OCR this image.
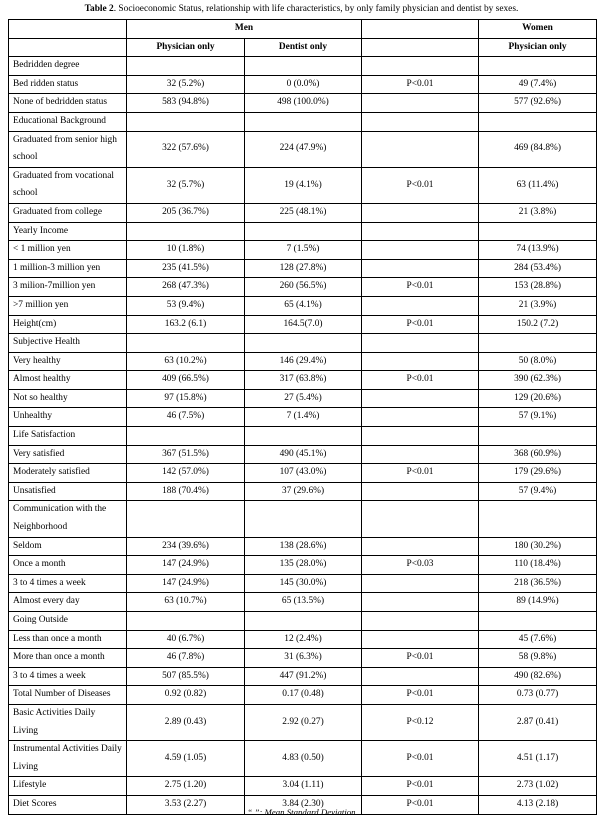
Table 2. Socioeconomic Status, relationship with life characteristics, by only family physician and dentist by sexes.
	Men			Women
	Physician only	Dentist only		Physician only
Bedridden degree				
Bed ridden status	32 (5.2%)	0 (0.0%)	P<0.01	49 (7.4%)
None of bedridden status	583 (94.8%)	498 (100.0%)		577 (92.6%)
Educational Background				
Graduated from senior high school	322 (57.6%)	224 (47.9%)		469 (84.8%)
Graduated from vocational school	32 (5.7%)	19 (4.1%)	P<0.01	63 (11.4%)
Graduated from college	205 (36.7%)	225 (48.1%)		21 (3.8%)
Yearly Income				
< 1 million yen	10 (1.8%)	7 (1.5%)		74 (13.9%)
1 million-3 million yen	235 (41.5%)	128 (27.8%)		284 (53.4%)
3 milion-7million yen	268 (47.3%)	260 (56.5%)	P<0.01	153 (28.8%)
>7 million yen	53 (9.4%)	65 (4.1%)		21 (3.9%)
Height(cm)	163.2 (6.1)	164.5(7.0)	P<0.01	150.2 (7.2)
Subjective Health				
Very healthy	63 (10.2%)	146 (29.4%)		50 (8.0%)
Almost healthy	409 (66.5%)	317 (63.8%)	P<0.01	390 (62.3%)
Not so healthy	97 (15.8%)	27 (5.4%)		129 (20.6%)
Unhealthy	46 (7.5%)	7 (1.4%)		57 (9.1%)
Life Satisfaction				
Very satisfied	367 (51.5%)	490 (45.1%)		368 (60.9%)
Moderately satisfied	142 (57.0%)	107 (43.0%)	P<0.01	179 (29.6%)
Unsatisfied	188 (70.4%)	37 (29.6%)		57 (9.4%)
Communication with the Neighborhood				
Seldom	234 (39.6%)	138 (28.6%)		180 (30.2%)
Once a month	147 (24.9%)	135 (28.0%)	P<0.03	110 (18.4%)
3 to 4 times a week	147 (24.9%)	145 (30.0%)		218 (36.5%)
Almost every day	63 (10.7%)	65 (13.5%)		89 (14.9%)
Going Outside				
Less than once a month	40 (6.7%)	12 (2.4%)		45 (7.6%)
More than once a month	46 (7.8%)	31 (6.3%)	P<0.01	58 (9.8%)
3 to 4 times a week	507 (85.5%)	447 (91.2%)		490 (82.6%)
Total Number of Diseases	0.92 (0.82)	0.17 (0.48)	P<0.01	0.73 (0.77)
Basic Activities Daily Living	2.89 (0.43)	2.92 (0.27)	P<0.12	2.87 (0.41)
Instrumental Activities Daily Living	4.59 (1.05)	4.83 (0.50)	P<0.01	4.51 (1.17)
Lifestyle	2.75 (1.20)	3.04 (1.11)	P<0.01	2.73 (1.02)
Diet Scores	3.53 (2.27)	3.84 (2.30)	P<0.01	4.13 (2.18)
“ ”: Mean Standard Deviation
